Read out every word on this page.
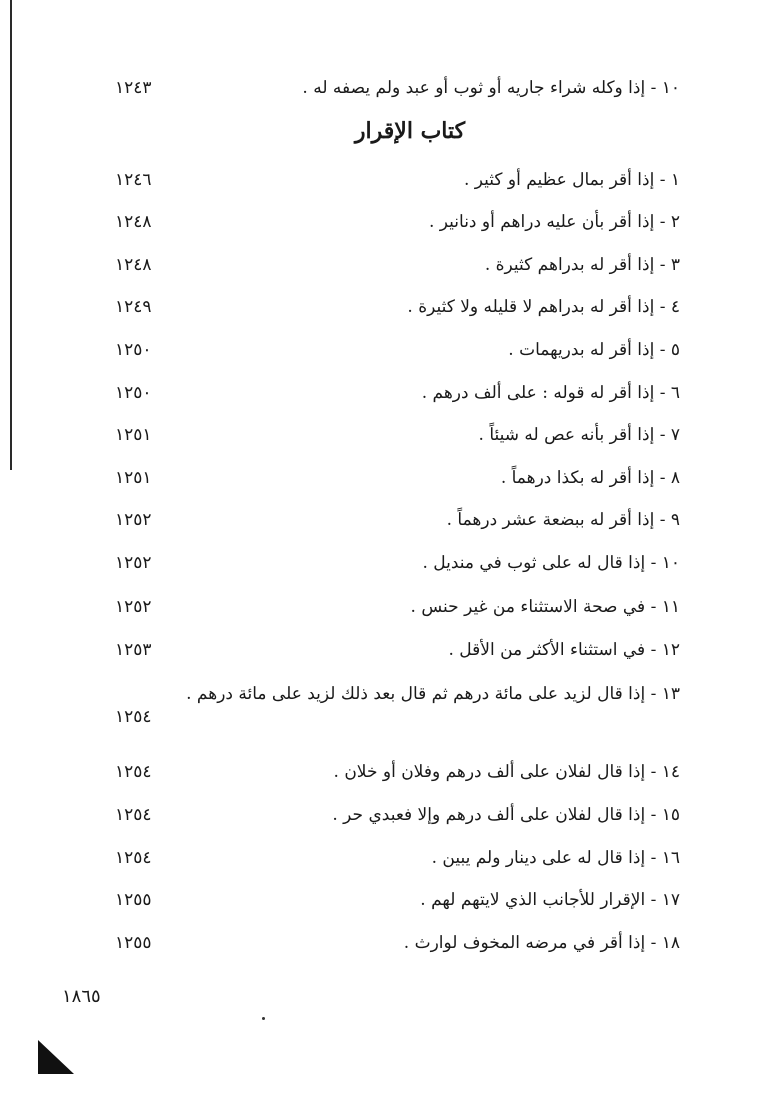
١٠ - إذا وكله شراء جاريه أو ثوب أو عبد ولم يصفه له .
١٢٤٣
كتاب الإقرار
١ - إذا أقر بمال عظيم أو كثير .
١٢٤٦
٢ - إذا أقر بأن عليه دراهم أو دنانير .
١٢٤٨
٣ - إذا أقر له بدراهم كثيرة .
١٢٤٨
٤ - إذا أقر له بدراهم لا قليله ولا كثيرة .
١٢٤٩
٥ - إذا أقر له بدريهمات .
١٢٥٠
٦ - إذا أقر له قوله : على ألف درهم .
١٢٥٠
٧ - إذا أقر بأنه عص له شيئاً .
١٢٥١
٨ - إذا أقر له بكذا درهماً .
١٢٥١
٩ - إذا أقر له ببضعة عشر درهماً .
١٢٥٢
١٠ - إذا قال له على ثوب في منديل .
١٢٥٢
١١ - في صحة الاستثناء من غير حنس .
١٢٥٢
١٢ - في استثناء الأكثر من الأقل .
١٢٥٣
١٣ - إذا قال لزيد على مائة درهم ثم قال بعد ذلك لزيد على مائة درهم .
١٢٥٤
١٤ - إذا قال لفلان على ألف درهم وفلان أو خلان .
١٢٥٤
١٥ - إذا قال لفلان على ألف درهم وإلا فعبدي حر .
١٢٥٤
١٦ - إذا قال له على دينار ولم يبين .
١٢٥٤
١٧ - الإقرار للأجانب الذي لايتهم لهم .
١٢٥٥
١٨ - إذا أقر في مرضه المخوف لوارث .
١٢٥٥
١٨٦٥
